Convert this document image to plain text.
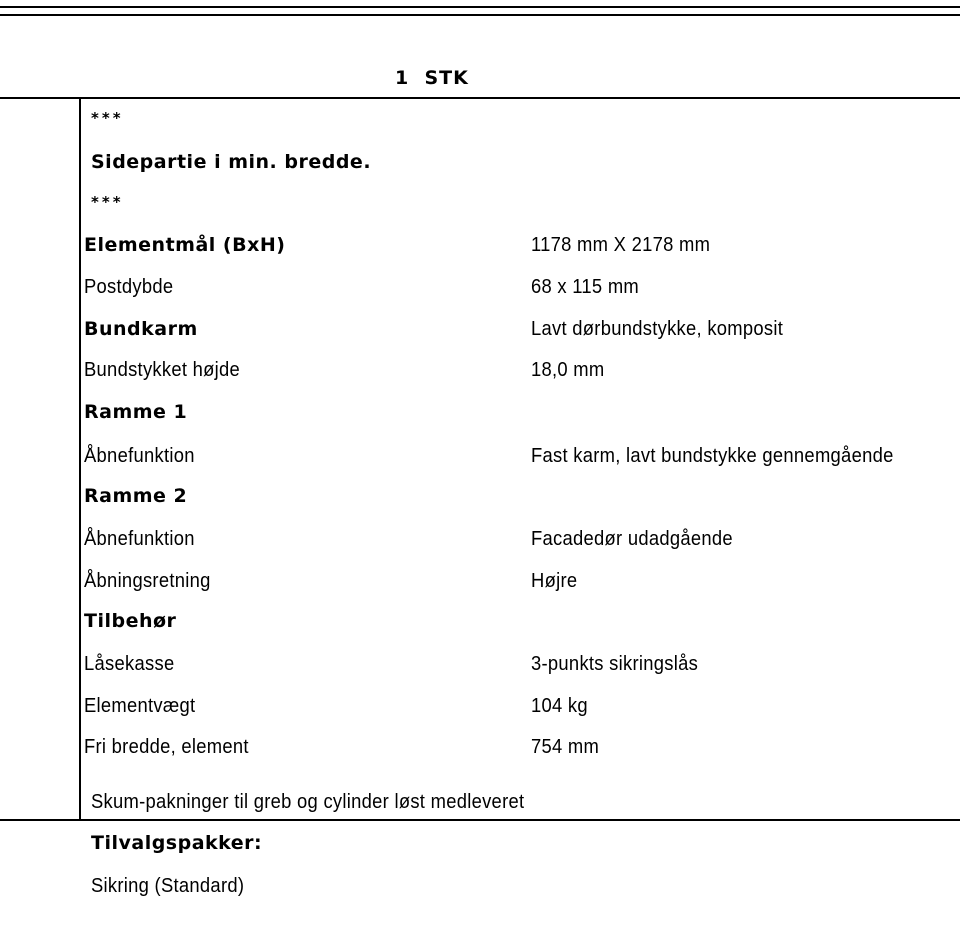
1  STK
***
Sidepartie i min. bredde.
***
Elementmål (BxH)	1178 mm X 2178 mm
Postdybde	68 x 115 mm
Bundkarm	Lavt dørbundstykke, komposit
Bundstykket højde	18,0 mm
Ramme 1
Åbnefunktion	Fast karm, lavt bundstykke gennemgående
Ramme 2
Åbnefunktion	Facadedør udadgående
Åbningsretning	Højre
Tilbehør
Låsekasse	3-punkts sikringslås
Elementvægt	104 kg
Fri bredde, element	754 mm
Skum-pakninger til greb og cylinder løst medleveret
Tilvalgspakker:
Sikring (Standard)
